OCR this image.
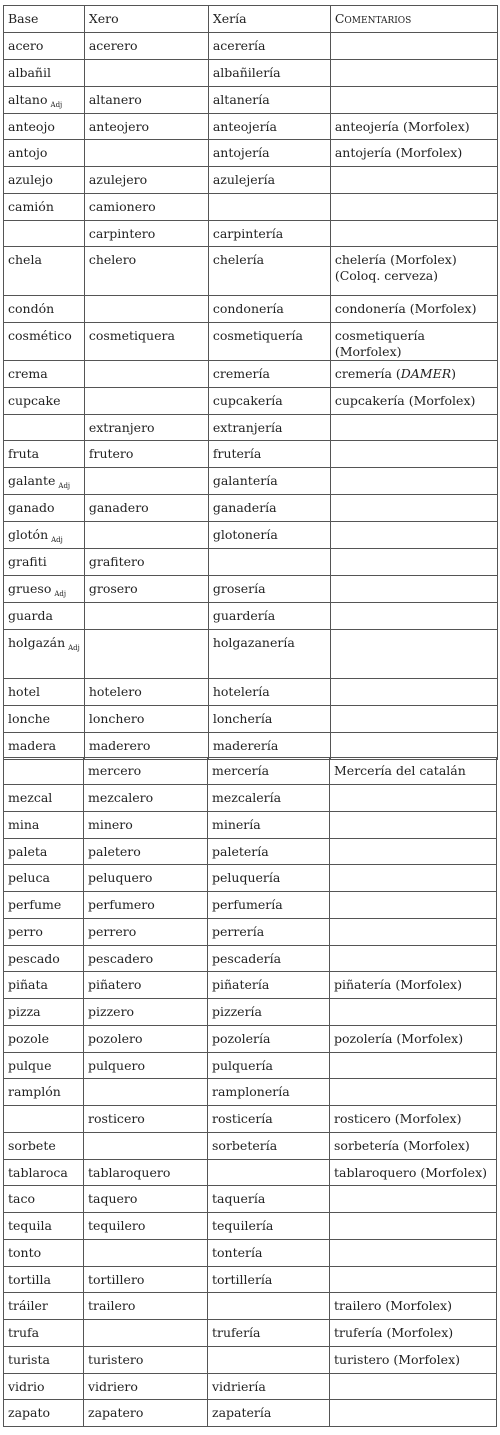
Base	Xero	Xería	Comentarios
acero	acerero	acerería	
albañil		albañilería	
altano $_{Adj}$	altanero	altanería	
anteojo	anteojero	anteojería	anteojería (Morfolex)
antojo		antojería	antojería (Morfolex)
azulejo	azulejero	azulejería	
camión	camionero		
	carpintero	carpintería	
chela	chelero	chelería	chelería (Morfolex)
(Coloq. cerveza)
condón		condonería	condonería (Morfolex)
cosmético	cosmetiquera	cosmetiquería	cosmetiquería (Morfolex)
crema		cremería	cremería (DAMER)
cupcake		cupcakería	cupcakería (Morfolex)
	extranjero	extranjería	
fruta	frutero	frutería	
galante $_{Adj}$		galantería	
ganado	ganadero	ganadería	
glotón $_{Adj}$		glotonería	
grafiti	grafitero		
grueso $_{Adj}$	grosero	grosería	
guarda		guardería	
holgazán $_{Adj}$		holgazanería	
hotel	hotelero	hotelería	
lonche	lonchero	lonchería	
madera	maderero	maderería	
	mercero	mercería	Mercería del catalán
mezcal	mezcalero	mezcalería	
mina	minero	minería	
paleta	paletero	paletería	
peluca	peluquero	peluquería	
perfume	perfumero	perfumería	
perro	perrero	perrería	
pescado	pescadero	pescadería	
piñata	piñatero	piñatería	piñatería (Morfolex)
pizza	pizzero	pizzería	
pozole	pozolero	pozolería	pozolería (Morfolex)
pulque	pulquero	pulquería	
ramplón		ramplonería	
	rosticero	rosticería	rosticero (Morfolex)
sorbete		sorbetería	sorbetería (Morfolex)
tablaroca	tablaroquero		tablaroquero (Morfolex)
taco	taquero	taquería	
tequila	tequilero	tequilería	
tonto		tontería	
tortilla	tortillero	tortillería	
tráiler	trailero		trailero (Morfolex)
trufa		trufería	trufería (Morfolex)
turista	turistero		turistero (Morfolex)
vidrio	vidriero	vidriería	
zapato	zapatero	zapatería	
